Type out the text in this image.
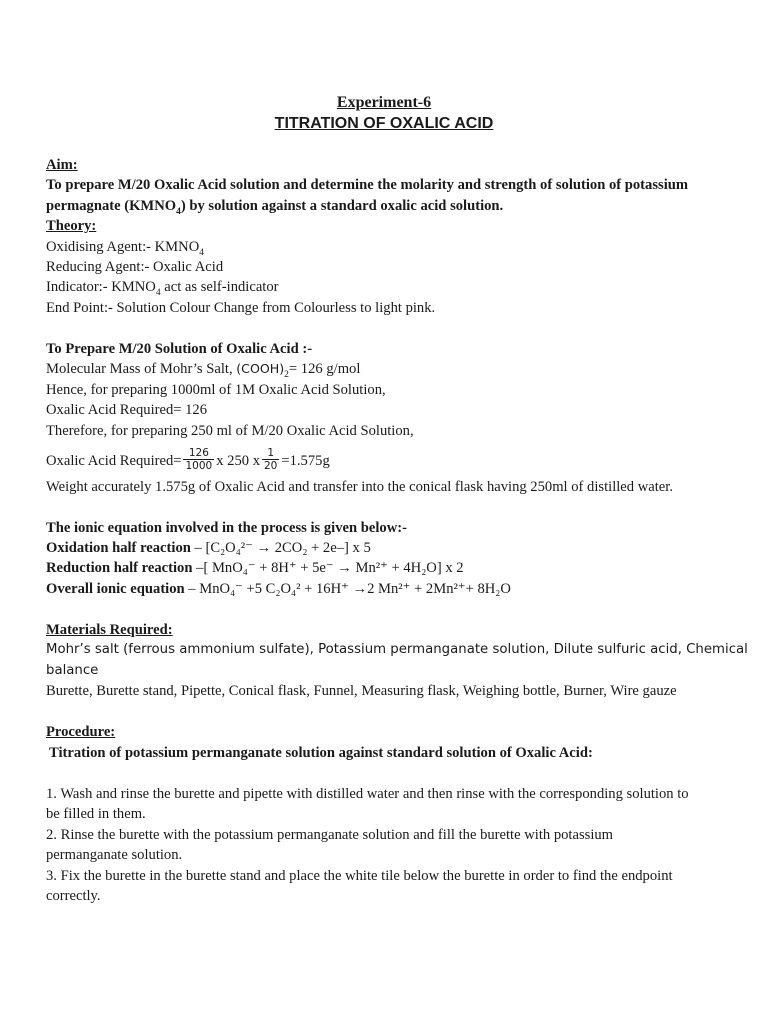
Experiment-6
TITRATION OF OXALIC ACID
Aim:
To prepare M/20 Oxalic Acid solution and determine the molarity and strength of solution of potassium
permagnate $(KMNO_4)$ by solution against a standard oxalic acid solution.
Theory:
Oxidising Agent:- $KMNO_4$
Reducing Agent:- Oxalic Acid
Indicator:- $KMNO_4$ act as self-indicator
End Point:- Solution Colour Change from Colourless to light pink.
To Prepare M/20 Solution of Oxalic Acid :-
Molecular Mass of Mohr’s Salt, $(COOH)_2= 126$ g/mol
Hence, for preparing 1000ml of 1M Oxalic Acid Solution,
Oxalic Acid Required= 126
Therefore, for preparing 250 ml of M/20 Oxalic Acid Solution,
Oxalic Acid Required= $\frac{126}{1000}$ x 250 x $\frac{1}{20} =1.575g$
Weight accurately 1.575g of Oxalic Acid and transfer into the conical flask having 250ml of distilled water.
The ionic equation involved in the process is given below:-
Oxidation half reaction – [C₂O₄²⁻ → 2CO₂ + 2e–] x 5
Reduction half reaction –[ MnO₄⁻ + 8H⁺ + 5e⁻ → Mn²⁺ + 4H₂O] x 2
Overall ionic equation – MnO₄⁻ +5 C₂O₄² + 16H⁺ →2 Mn²⁺ + 2Mn²⁺+ 8H₂O
Materials Required:
Mohr’s salt (ferrous ammonium sulfate), Potassium permanganate solution, Dilute sulfuric acid, Chemical
balance
Burette, Burette stand, Pipette, Conical flask, Funnel, Measuring flask, Weighing bottle, Burner, Wire gauze
Procedure:
Titration of potassium permanganate solution against standard solution of Oxalic Acid:
1. Wash and rinse the burette and pipette with distilled water and then rinse with the corresponding solution to
be filled in them.
2. Rinse the burette with the potassium permanganate solution and fill the burette with potassium
permanganate solution.
3. Fix the burette in the burette stand and place the white tile below the burette in order to find the endpoint
correctly.
